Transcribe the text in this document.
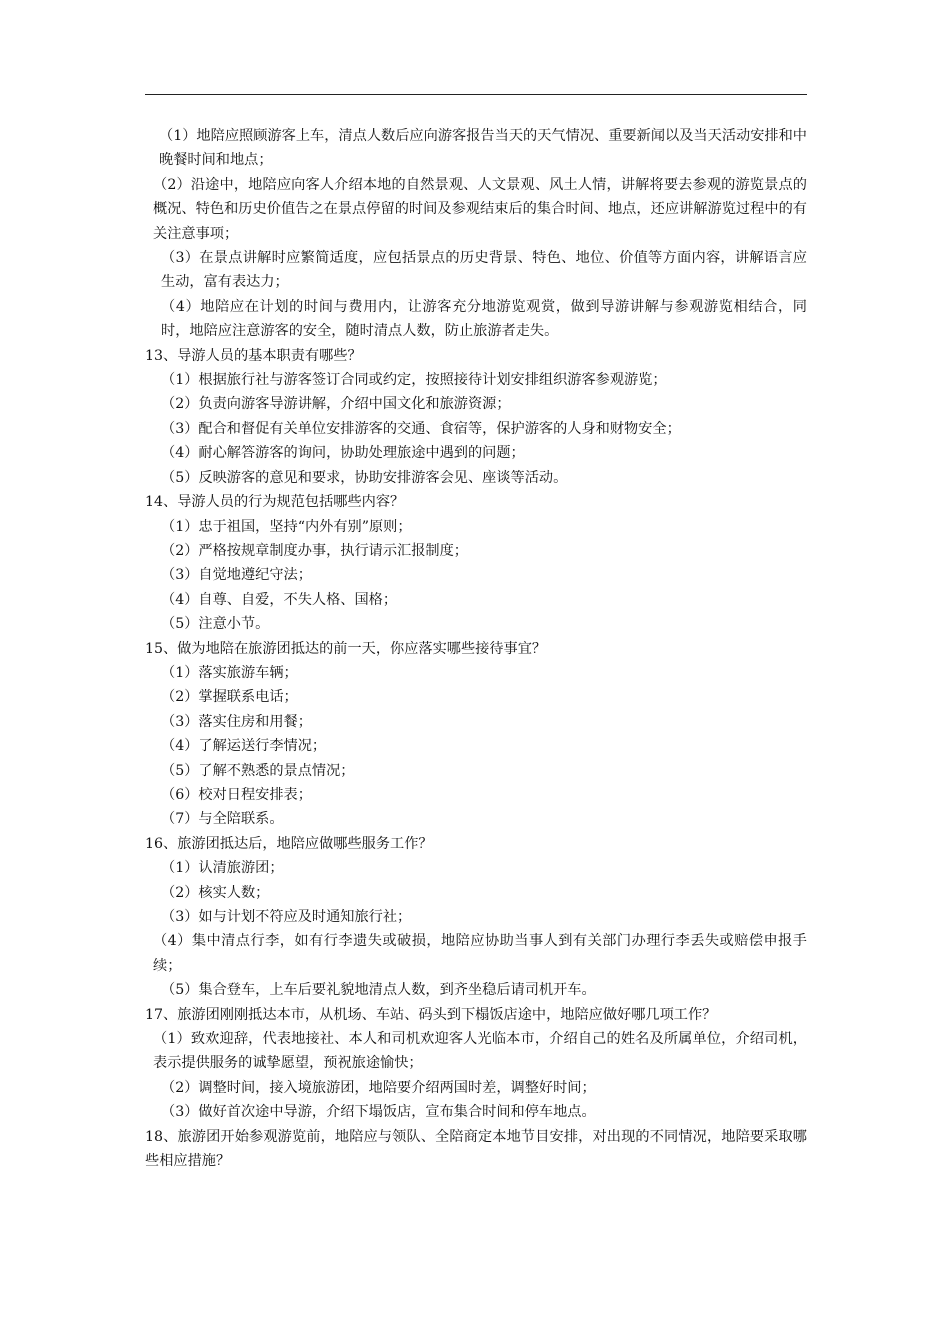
（1）地陪应照顾游客上车，清点人数后应向游客报告当天的天气情况、重要新闻以及当天活动安排和中晚餐时间和地点；

（2）沿途中，地陪应向客人介绍本地的自然景观、人文景观、风土人情，讲解将要去参观的游览景点的概况、特色和历史价值告之在景点停留的时间及参观结束后的集合时间、地点，还应讲解游览过程中的有关注意事项；

（3）在景点讲解时应繁简适度，应包括景点的历史背景、特色、地位、价值等方面内容，讲解语言应生动，富有表达力；

（4）地陪应在计划的时间与费用内，让游客充分地游览观赏，做到导游讲解与参观游览相结合，同时，地陪应注意游客的安全，随时清点人数，防止旅游者走失。

13、导游人员的基本职责有哪些？

（1）根据旅行社与游客签订合同或约定，按照接待计划安排组织游客参观游览；

（2）负责向游客导游讲解，介绍中国文化和旅游资源；

（3）配合和督促有关单位安排游客的交通、食宿等，保护游客的人身和财物安全；

（4）耐心解答游客的询问，协助处理旅途中遇到的问题；

（5）反映游客的意见和要求，协助安排游客会见、座谈等活动。

14、导游人员的行为规范包括哪些内容？

（1）忠于祖国，坚持“内外有别”原则；

（2）严格按规章制度办事，执行请示汇报制度；

（3）自觉地遵纪守法；

（4）自尊、自爱，不失人格、国格；

（5）注意小节。

15、做为地陪在旅游团抵达的前一天，你应落实哪些接待事宜？

（1）落实旅游车辆；

（2）掌握联系电话；

（3）落实住房和用餐；

（4）了解运送行李情况；

（5）了解不熟悉的景点情况；

（6）校对日程安排表；

（7）与全陪联系。

16、旅游团抵达后，地陪应做哪些服务工作？

（1）认清旅游团；

（2）核实人数；

（3）如与计划不符应及时通知旅行社；

（4）集中清点行李，如有行李遗失或破损，地陪应协助当事人到有关部门办理行李丢失或赔偿申报手续；

（5）集合登车，上车后要礼貌地清点人数，到齐坐稳后请司机开车。

17、旅游团刚刚抵达本市，从机场、车站、码头到下榻饭店途中，地陪应做好哪几项工作？

（1）致欢迎辞，代表地接社、本人和司机欢迎客人光临本市，介绍自己的姓名及所属单位，介绍司机，表示提供服务的诚挚愿望，预祝旅途愉快；

（2）调整时间，接入境旅游团，地陪要介绍两国时差，调整好时间；

（3）做好首次途中导游，介绍下塌饭店，宣布集合时间和停车地点。

18、旅游团开始参观游览前，地陪应与领队、全陪商定本地节目安排，对出现的不同情况，地陪要采取哪些相应措施？
